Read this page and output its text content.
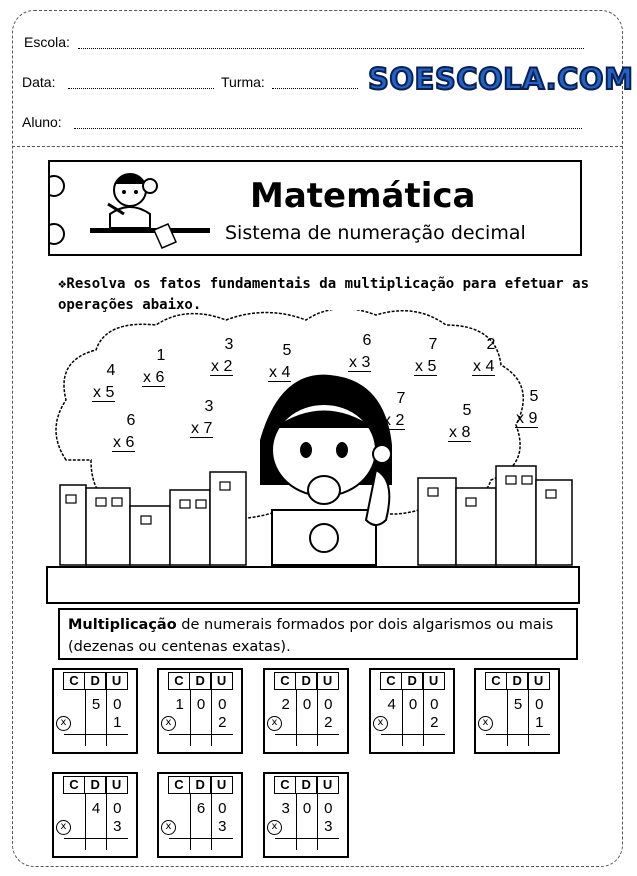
Escola:
Data:	Turma:	SOESCOLA.COM
Aluno:
Matemática
Sistema de numeração decimal
❖Resolva os fatos fundamentais da multiplicação para efetuar as operações abaixo.
4
x 5
1
x 6
3
x 2
5
x 4
6
x 3
7
x 5
2
x 4
6
x 6
3
x 7
7
x 2
5
x 8
5
x 9
Multiplicação de numerais formados por dois algarismos ou mais (dezenas ou centenas exatas).
C D U
5 0
1
x
C D U
1 0 0
2
x
C D U
2 0 0
2
x
C D U
4 0 0
2
x
C D U
5 0
1
x
C D U
4 0
3
x
C D U
6 0
3
x
C D U
3 0 0
3
x
